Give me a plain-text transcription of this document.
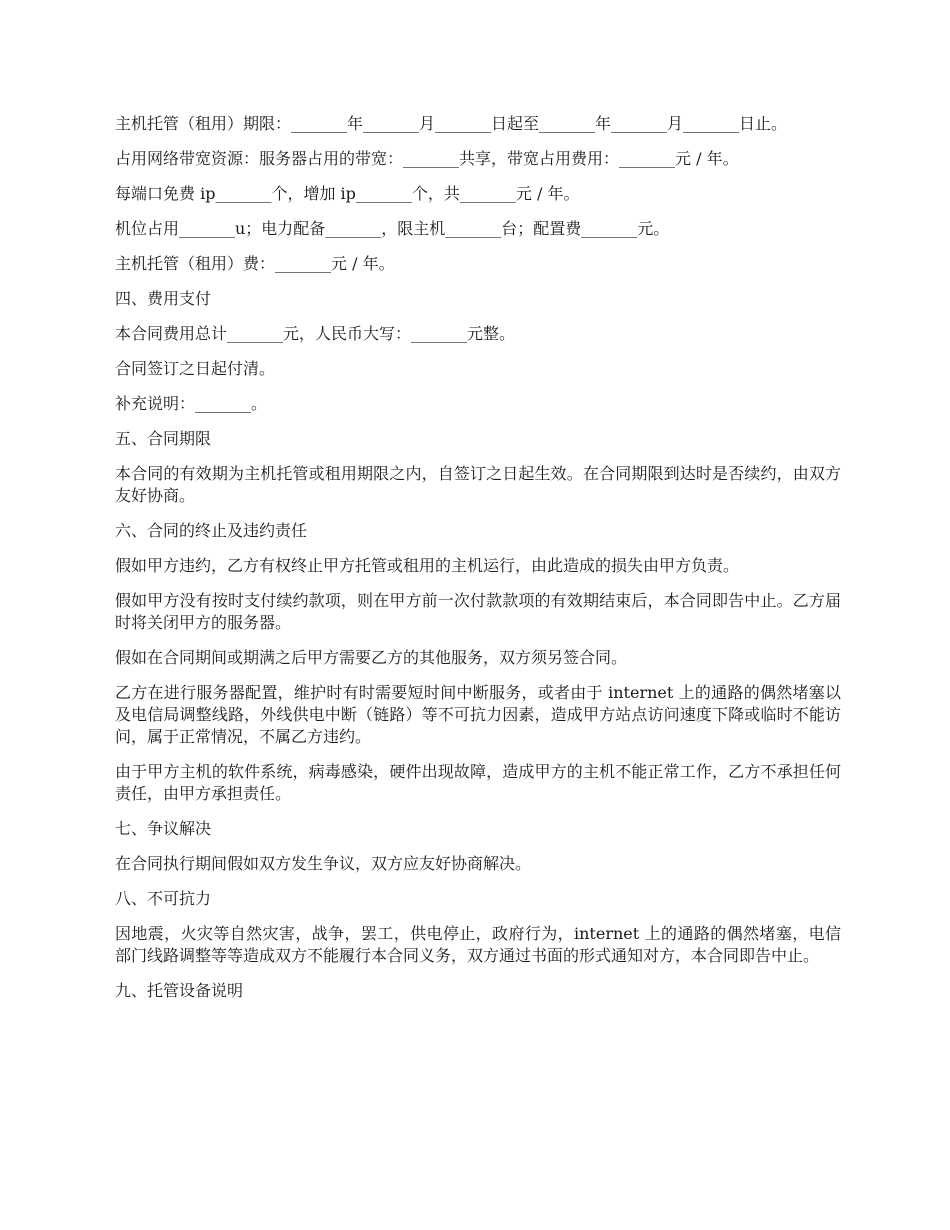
主机托管（租用）期限：_______年_______月_______日起至_______年_______月_______日止。

占用网络带宽资源：服务器占用的带宽：_______共享，带宽占用费用：_______元 / 年。

每端口免费 ip_______个，增加 ip_______个，共_______元 / 年。

机位占用_______u；电力配备_______，限主机_______台；配置费_______元。

主机托管（租用）费：_______元 / 年。

四、费用支付

本合同费用总计_______元，人民币大写：_______元整。

合同签订之日起付清。

补充说明：_______。

五、合同期限

本合同的有效期为主机托管或租用期限之内，自签订之日起生效。在合同期限到达时是否续约，由双方友好协商。

六、合同的终止及违约责任

假如甲方违约，乙方有权终止甲方托管或租用的主机运行，由此造成的损失由甲方负责。

假如甲方没有按时支付续约款项，则在甲方前一次付款款项的有效期结束后，本合同即告中止。乙方届时将关闭甲方的服务器。

假如在合同期间或期满之后甲方需要乙方的其他服务，双方须另签合同。

乙方在进行服务器配置，维护时有时需要短时间中断服务，或者由于 internet 上的通路的偶然堵塞以及电信局调整线路，外线供电中断（链路）等不可抗力因素，造成甲方站点访问速度下降或临时不能访问，属于正常情况，不属乙方违约。

由于甲方主机的软件系统，病毒感染，硬件出现故障，造成甲方的主机不能正常工作，乙方不承担任何责任，由甲方承担责任。

七、争议解决

在合同执行期间假如双方发生争议，双方应友好协商解决。

八、不可抗力

因地震，火灾等自然灾害，战争，罢工，供电停止，政府行为，internet 上的通路的偶然堵塞，电信部门线路调整等等造成双方不能履行本合同义务，双方通过书面的形式通知对方，本合同即告中止。

九、托管设备说明
